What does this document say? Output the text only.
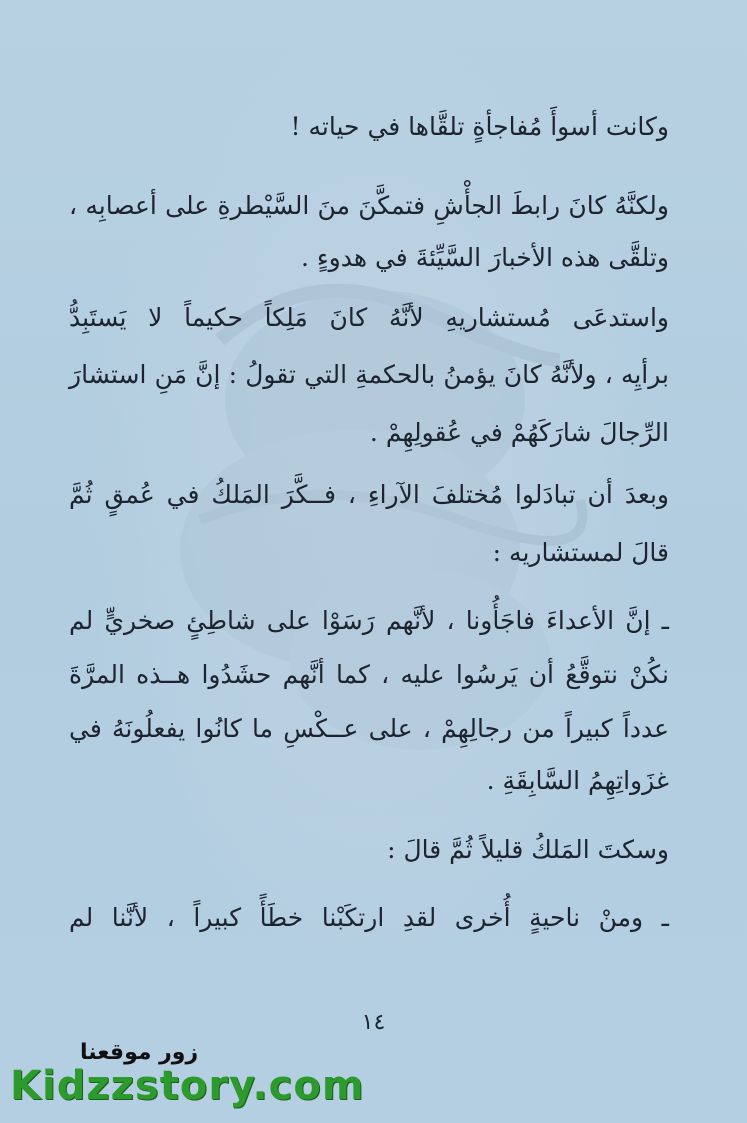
وكانت أسوأَ مُفاجأةٍ تلقَّاها في حياته !
ولكنَّهُ كانَ رابطَ الجأْشِ فتمكَّنَ منَ السَّيْطرةِ على أعصابِه ،
وتلقَّى هذه الأخبارَ السَّيِّئةَ في هدوءٍ .
واستدعَى مُستشاريهِ لأنَّهُ كانَ مَلِكاً حكيماً لا يَستَبِدُّ
برأيِه ، ولأنَّهُ كانَ يؤمنُ بالحكمةِ التي تقولُ : إنَّ مَنِ استشارَ
الرِّجالَ شارَكَهُمْ في عُقولِهِمْ .
وبعدَ أن تبادَلوا مُختلفَ الآراءِ ، فــكَّرَ المَلكُ في عُمقٍ ثُمَّ
قالَ لمستشاريه :
ـ إنَّ الأعداءَ فاجَأُونا ، لأنَّهم رَسَوْا على شاطِئٍ صخريٍّ لم
نكُنْ نتوقَّعُ أن يَرسُوا عليه ، كما أنَّهم حشَدُوا هــذه المرَّةَ
عدداً كبيراً من رجالِهِمْ ، على عــكْسِ ما كانُوا يفعلُونَهُ في
غزَواتِهِمُ السَّابِقَةِ .
وسكتَ المَلكُ قليلاً ثُمَّ قالَ :
ـ ومنْ ناحيةٍ أُخرى لقدِ ارتكَبْنا خطَأً كبيراً ، لأنَّنا لم
١٤
زور موقعنا
Kidzzstory.com
